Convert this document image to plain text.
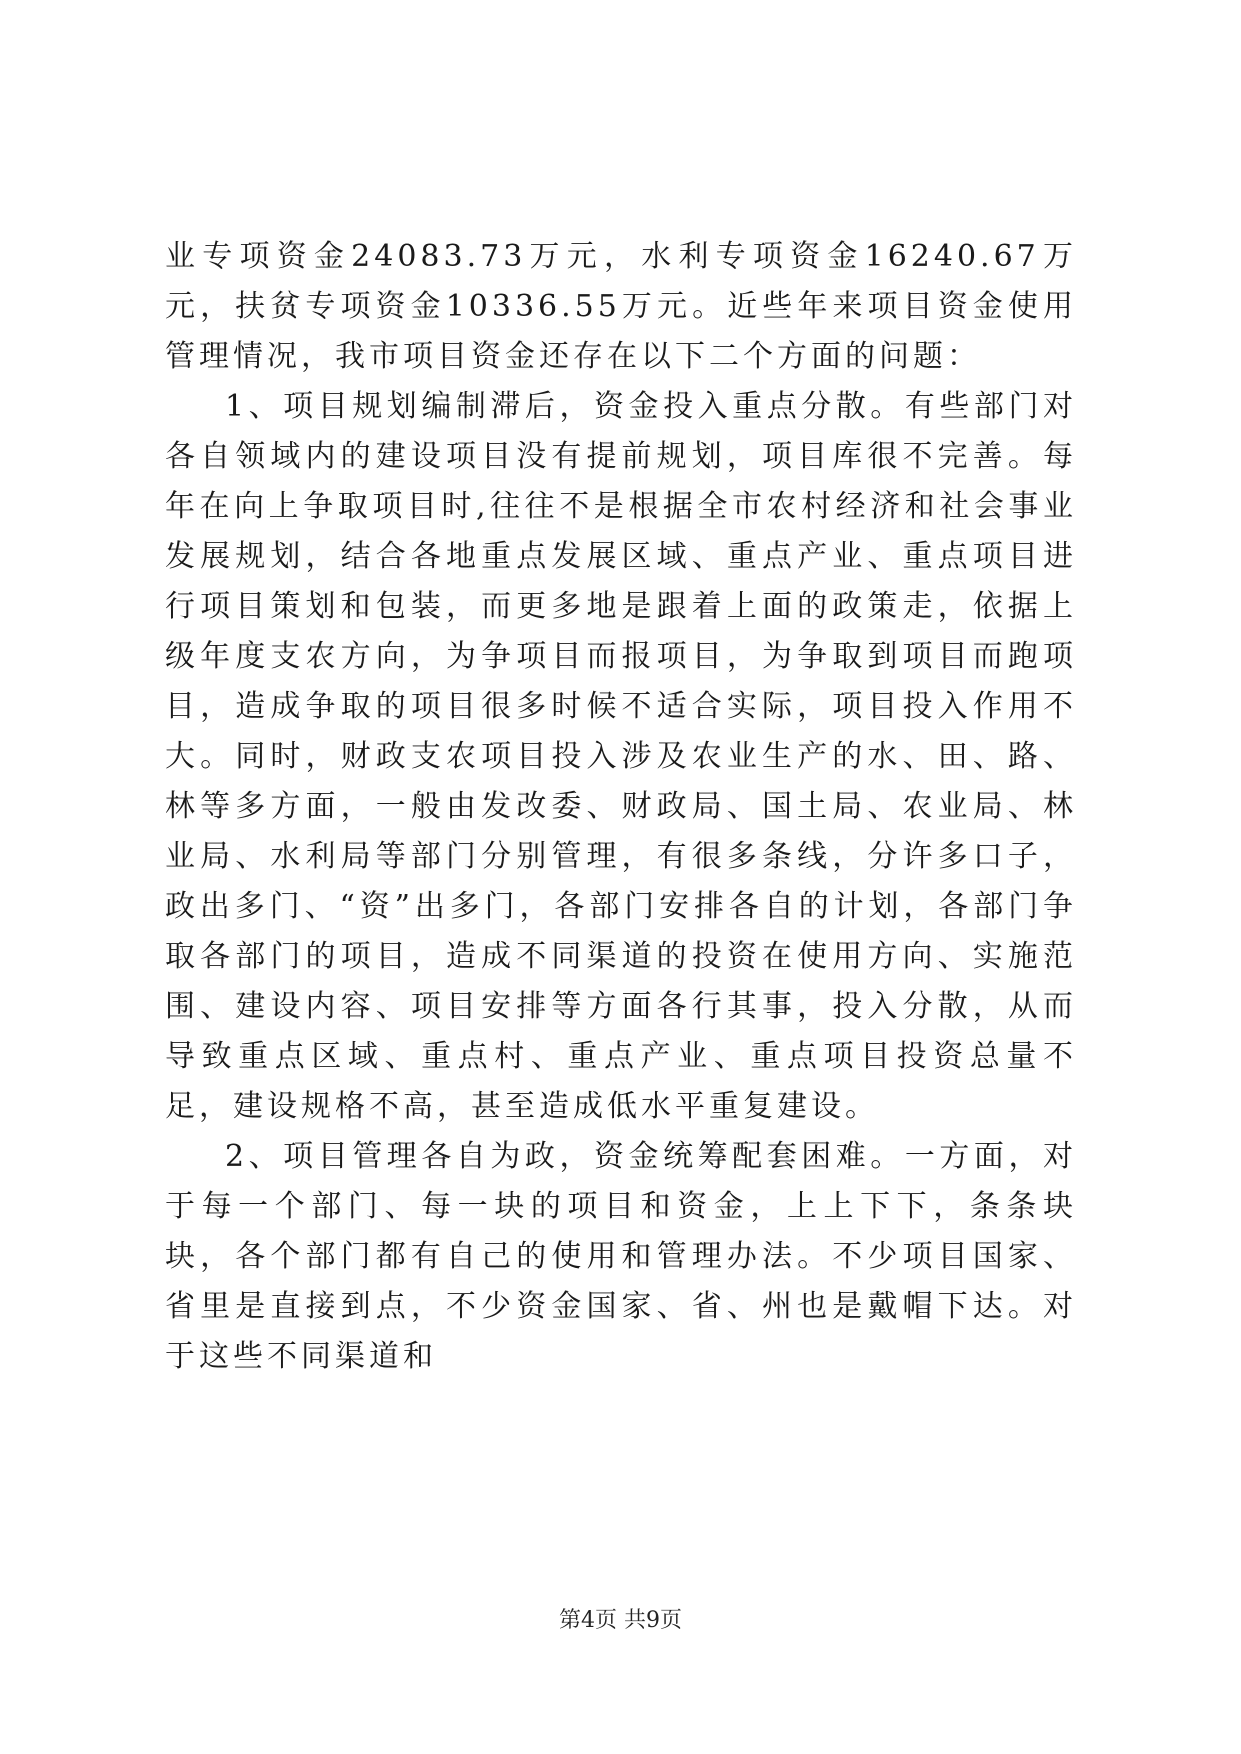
业专项资金24083.73万元，水利专项资金16240.67万元，扶贫专项资金10336.55万元。近些年来项目资金使用管理情况，我市项目资金还存在以下二个方面的问题：

1、项目规划编制滞后，资金投入重点分散。有些部门对各自领域内的建设项目没有提前规划，项目库很不完善。每年在向上争取项目时,往往不是根据全市农村经济和社会事业发展规划，结合各地重点发展区域、重点产业、重点项目进行项目策划和包装，而更多地是跟着上面的政策走，依据上级年度支农方向，为争项目而报项目，为争取到项目而跑项目，造成争取的项目很多时候不适合实际，项目投入作用不大。同时，财政支农项目投入涉及农业生产的水、田、路、林等多方面，一般由发改委、财政局、国土局、农业局、林业局、水利局等部门分别管理，有很多条线，分许多口子，政出多门、“资”出多门，各部门安排各自的计划，各部门争取各部门的项目，造成不同渠道的投资在使用方向、实施范围、建设内容、项目安排等方面各行其事，投入分散，从而导致重点区域、重点村、重点产业、重点项目投资总量不足，建设规格不高，甚至造成低水平重复建设。

2、项目管理各自为政，资金统筹配套困难。一方面，对于每一个部门、每一块的项目和资金，上上下下，条条块块，各个部门都有自己的使用和管理办法。不少项目国家、省里是直接到点，不少资金国家、省、州也是戴帽下达。对于这些不同渠道和

第4页 共9页
